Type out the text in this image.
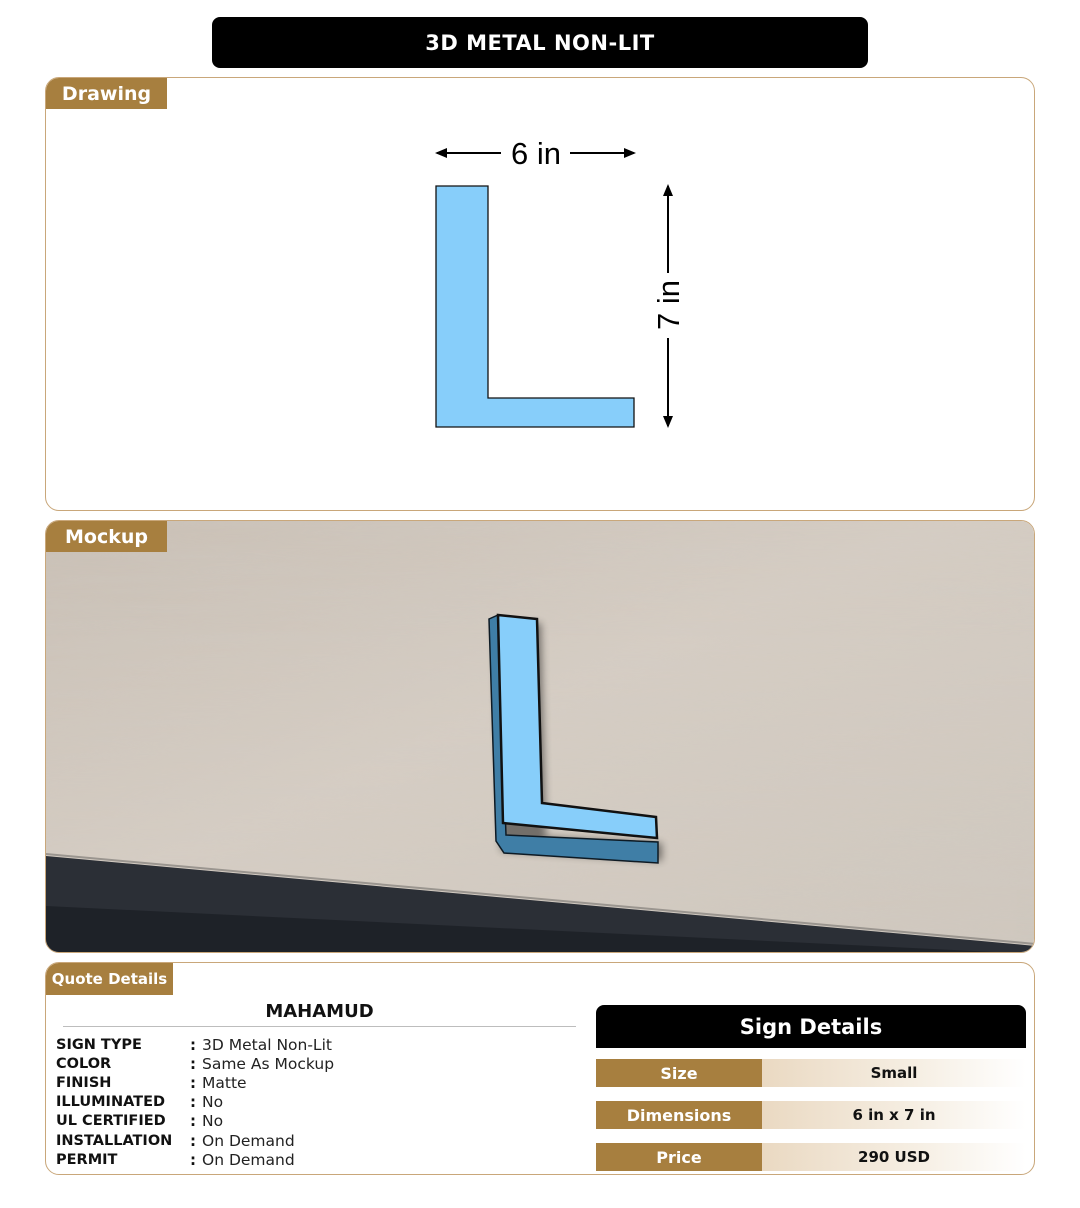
3D METAL NON-LIT
Drawing
6 in
7 in
Mockup
Quote Details
MAHAMUD
SIGN TYPE	: 3D Metal Non-Lit
COLOR	: Same As Mockup
FINISH	: Matte
ILLUMINATED	: No
UL CERTIFIED	: No
INSTALLATION	: On Demand
PERMIT	: On Demand
Sign Details
Size	Small
Dimensions	6 in x 7 in
Price	290 USD
